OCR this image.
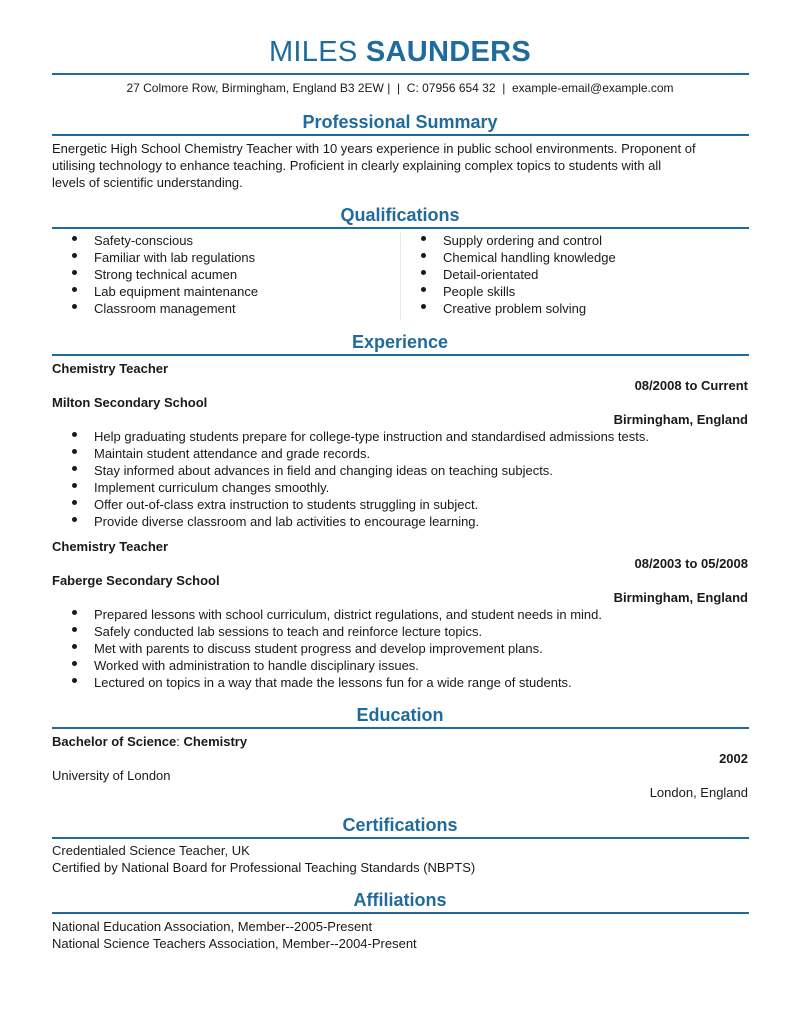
MILES SAUNDERS
27 Colmore Row, Birmingham, England B3 2EW |  |  C: 07956 654 32  |  example-email@example.com
Professional Summary
Energetic High School Chemistry Teacher with 10 years experience in public school environments. Proponent of
utilising technology to enhance teaching. Proficient in clearly explaining complex topics to students with all
levels of scientific understanding.
Qualifications
Safety-conscious
Familiar with lab regulations
Strong technical acumen
Lab equipment maintenance
Classroom management
Supply ordering and control
Chemical handling knowledge
Detail-orientated
People skills
Creative problem solving
Experience
Chemistry Teacher
08/2008 to Current
Milton Secondary School
Birmingham, England
Help graduating students prepare for college-type instruction and standardised admissions tests.
Maintain student attendance and grade records.
Stay informed about advances in field and changing ideas on teaching subjects.
Implement curriculum changes smoothly.
Offer out-of-class extra instruction to students struggling in subject.
Provide diverse classroom and lab activities to encourage learning.
Chemistry Teacher
08/2003 to 05/2008
Faberge Secondary School
Birmingham, England
Prepared lessons with school curriculum, district regulations, and student needs in mind.
Safely conducted lab sessions to teach and reinforce lecture topics.
Met with parents to discuss student progress and develop improvement plans.
Worked with administration to handle disciplinary issues.
Lectured on topics in a way that made the lessons fun for a wide range of students.
Education
Bachelor of Science: Chemistry
2002
University of London
London, England
Certifications
Credentialed Science Teacher, UK
Certified by National Board for Professional Teaching Standards (NBPTS)
Affiliations
National Education Association, Member--2005-Present
National Science Teachers Association, Member--2004-Present
